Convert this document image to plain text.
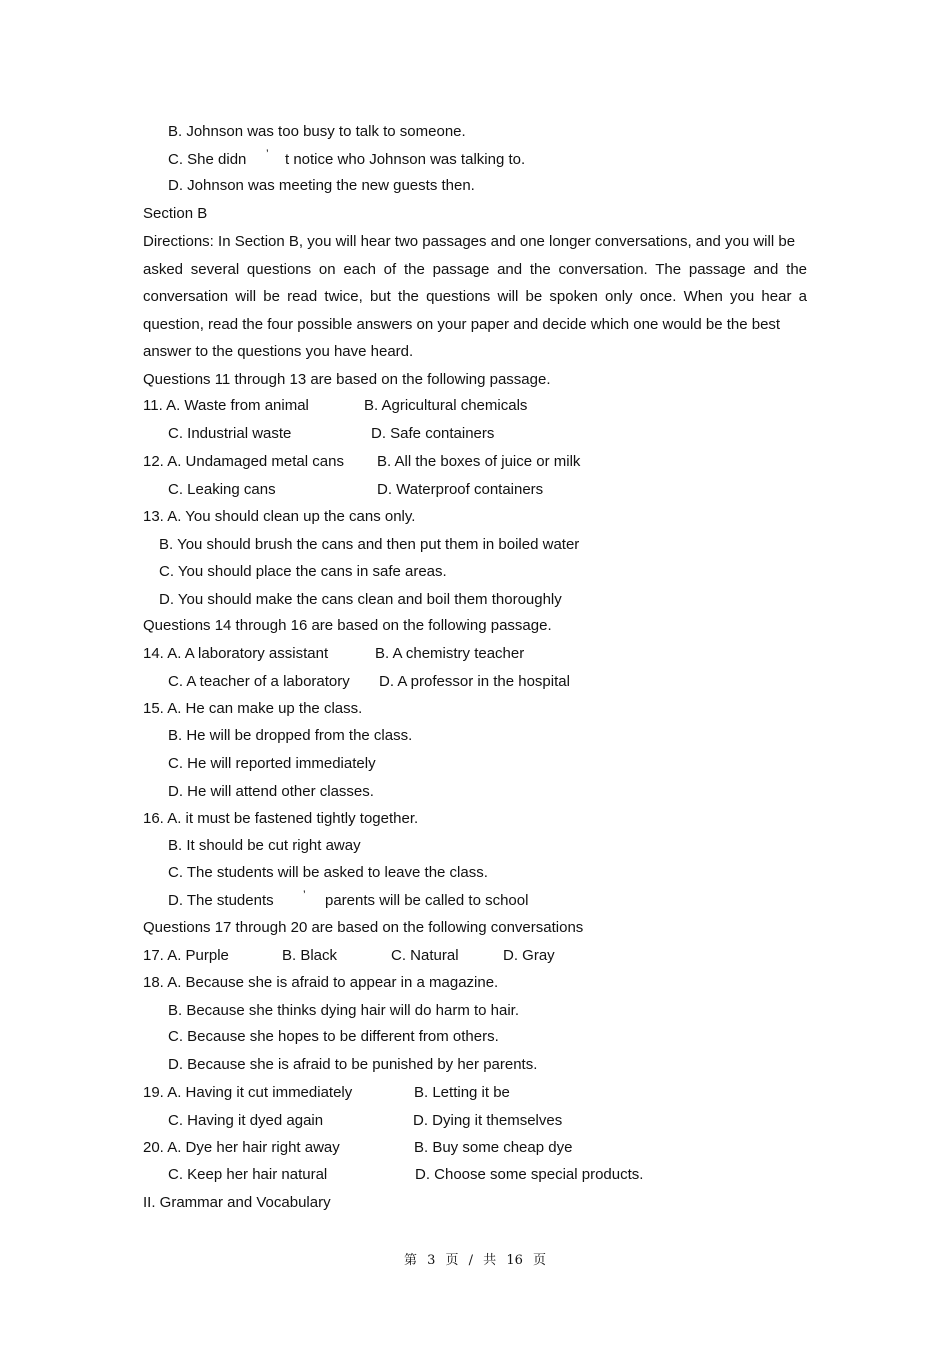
B. Johnson was too busy to talk to someone.
C. She didn ’ t notice who Johnson was talking to.
D. Johnson was meeting the new guests then.
Section B
Directions: In Section B, you will hear two passages and one longer conversations, and you will be
asked several questions on each of the passage and the conversation. The passage and the
conversation will be read twice, but the questions will be spoken only once. When you hear a
question, read the four possible answers on your paper and decide which one would be the best
answer to the questions you have heard.
Questions 11 through 13 are based on the following passage.
11. A. Waste from animal	B. Agricultural chemicals
C. Industrial waste	D. Safe containers
12. A. Undamaged metal cans B. All the boxes of juice or milk
C. Leaking cans	D. Waterproof containers
13. A. You should clean up the cans only.
B. You should brush the cans and then put them in boiled water
C. You should place the cans in safe areas.
D. You should make the cans clean and boil them thoroughly
Questions 14 through 16 are based on the following passage.
14. A. A laboratory assistant	B. A chemistry teacher
C. A teacher of a laboratory D. A professor in the hospital
15. A. He can make up the class.
B. He will be dropped from the class.
C. He will reported immediately
D. He will attend other classes.
16. A. it must be fastened tightly together.
B. It should be cut right away
C. The students will be asked to leave the class.
D. The students ’ parents will be called to school
Questions 17 through 20 are based on the following conversations
17. A. Purple	B. Black	C. Natural	D. Gray
18. A. Because she is afraid to appear in a magazine.
B. Because she thinks dying hair will do harm to hair.
C. Because she hopes to be different from others.
D. Because she is afraid to be punished by her parents.
19. A. Having it cut immediately	B. Letting it be
C. Having it dyed again	D. Dying it themselves
20. A. Dye her hair right away	B. Buy some cheap dye
C. Keep her hair natural	D. Choose some special products.
II. Grammar and Vocabulary
第 3 页 / 共 16 页
